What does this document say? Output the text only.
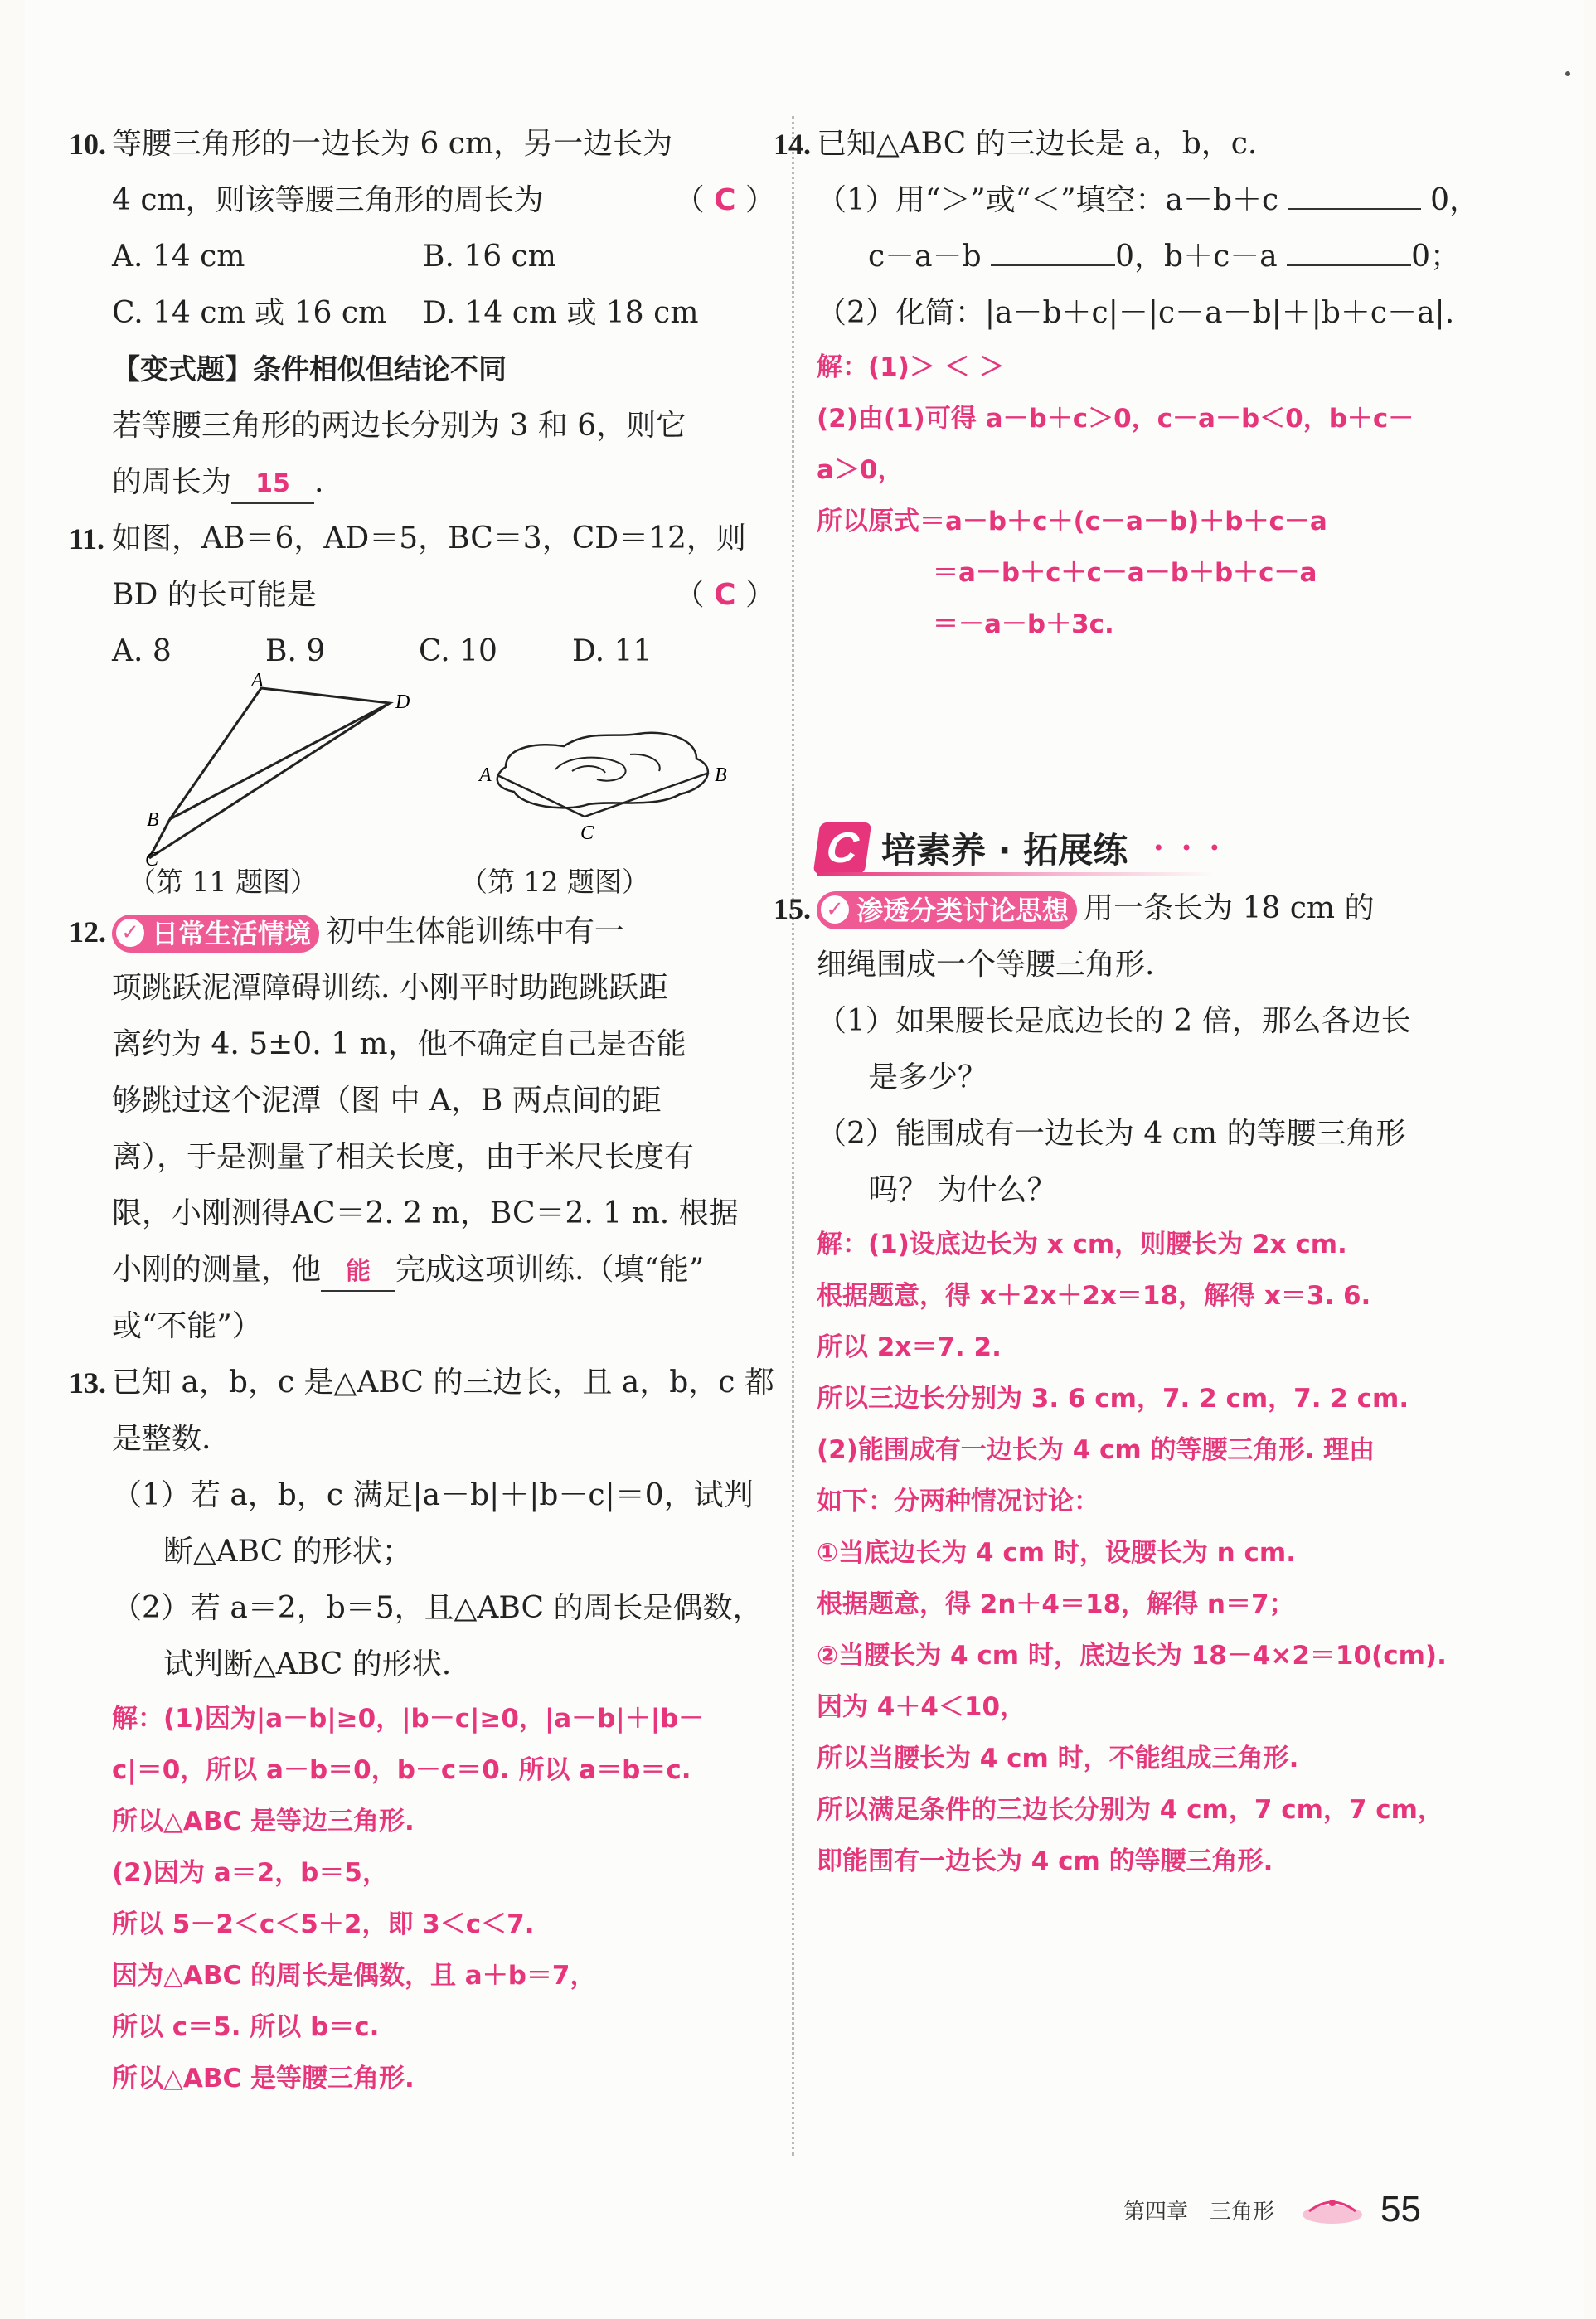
10. 等腰三角形的一边长为 6 cm，另一边长为
4 cm，则该等腰三角形的周长为	（ C ）
A. 14 cm	B. 16 cm
C. 14 cm 或 16 cm D. 14 cm 或 18 cm
【变式题】条件相似但结论不同
若等腰三角形的两边长分别为 3 和 6，则它
的周长为 15 .
11. 如图，AB＝6，AD＝5，BC＝3，CD＝12，则
BD 的长可能是	（ C ）
A. 8	B. 9	C. 10	D. 11
A
D
B
C
A	B
C
（第 11 题图）	（第 12 题图）
12. ✓ 日常生活情境 初中生体能训练中有一
项跳跃泥潭障碍训练. 小刚平时助跑跳跃距
离约为 4. 5±0. 1 m，他不确定自己是否能
够跳过这个泥潭（图 中 A，B 两点间的距
离），于是测量了相关长度，由于米尺长度有
限，小刚测得AC＝2. 2 m，BC＝2. 1 m. 根据
小刚的测量，他 能 完成这项训练.（填“能”
或“不能”）
13. 已知 a，b，c 是△ABC 的三边长，且 a，b，c 都
是整数.
（1）若 a，b，c 满足|a－b|＋|b－c|＝0，试判
断△ABC 的形状；
（2）若 a＝2，b＝5，且△ABC 的周长是偶数，
试判断△ABC 的形状.
解：(1)因为|a－b|≥0，|b－c|≥0，|a－b|＋|b－
c|＝0，所以 a－b＝0，b－c＝0. 所以 a＝b＝c.
所以△ABC 是等边三角形.
(2)因为 a＝2，b＝5，
所以 5－2＜c＜5＋2，即 3＜c＜7.
因为△ABC 的周长是偶数，且 a＋b＝7，
所以 c＝5. 所以 b＝c.
所以△ABC 是等腰三角形.
14. 已知△ABC 的三边长是 a，b，c.
（1）用“＞”或“＜”填空：a－b＋c	0，
c－a－b	0，b＋c－a	0；
（2）化简：|a－b＋c|－|c－a－b|＋|b＋c－a|.
解：(1)＞ ＜ ＞
(2)由(1)可得 a－b＋c＞0，c－a－b＜0，b＋c－
a＞0，
所以原式＝a－b＋c＋(c－a－b)＋b＋c－a
＝a－b＋c＋c－a－b＋b＋c－a
＝－a－b＋3c.
C 培素养 · 拓展练 • • •
15. ✓ 渗透分类讨论思想 用一条长为 18 cm 的
细绳围成一个等腰三角形.
（1）如果腰长是底边长的 2 倍，那么各边长
是多少？
（2）能围成有一边长为 4 cm 的等腰三角形
吗？ 为什么？
解：(1)设底边长为 x cm，则腰长为 2x cm.
根据题意，得 x＋2x＋2x＝18，解得 x＝3. 6.
所以 2x＝7. 2.
所以三边长分别为 3. 6 cm，7. 2 cm，7. 2 cm.
(2)能围成有一边长为 4 cm 的等腰三角形. 理由
如下：分两种情况讨论：
①当底边长为 4 cm 时，设腰长为 n cm.
根据题意，得 2n＋4＝18，解得 n＝7；
②当腰长为 4 cm 时，底边长为 18－4×2＝10(cm).
因为 4＋4＜10，
所以当腰长为 4 cm 时，不能组成三角形.
所以满足条件的三边长分别为 4 cm，7 cm，7 cm，
即能围有一边长为 4 cm 的等腰三角形.
第四章　三角形	55
